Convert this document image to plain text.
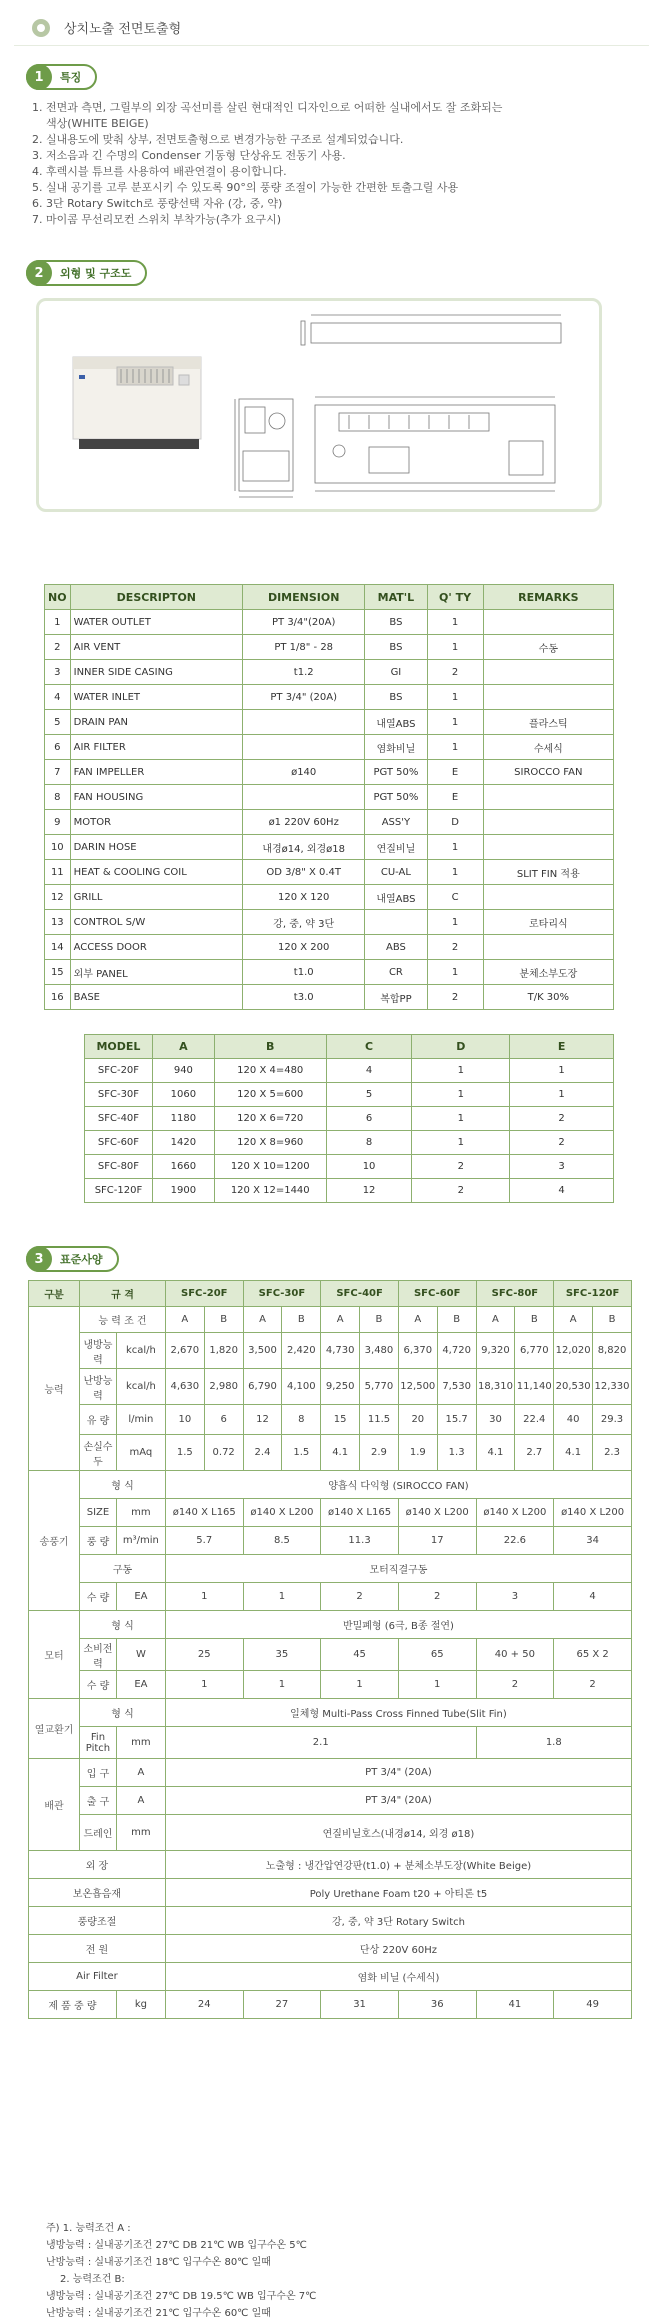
상치노출 전면토출형
1	특징
1. 전면과 측면, 그릴부의 외장 곡선미를 살린 현대적인 디자인으로 어떠한 실내에서도 잘 조화되는
색상(WHITE BEIGE)
2. 실내용도에 맞춰 상부, 전면토출형으로 변경가능한 구조로 설계되었습니다.
3. 저소음과 긴 수명의 Condenser 기동형 단상유도 전동기 사용.
4. 후렉시블 튜브를 사용하여 배관연결이 용이합니다.
5. 실내 공기를 고루 분포시키 수 있도록 90°의 풍량 조절이 가능한 간편한 토출그릴 사용
6. 3단 Rotary Switch로 풍량선택 자유 (강, 중, 약)
7. 마이콤 무선리모컨 스위치 부착가능(추가 요구시)
2	외형 및 구조도
NO	DESCRIPTON	DIMENSION	MAT'L	Q' TY	REMARKS
1	WATER OUTLET	PT 3/4"(20A)	BS	1	
2	AIR VENT	PT 1/8" - 28	BS	1	수동
3	INNER SIDE CASING	t1.2	GI	2	
4	WATER INLET	PT 3/4" (20A)	BS	1	
5	DRAIN PAN		내열ABS	1	플라스틱
6	AIR FILTER		염화비닐	1	수세식
7	FAN IMPELLER	ø140	PGT 50%	E	SIROCCO FAN
8	FAN HOUSING		PGT 50%	E	
9	MOTOR	ø1 220V 60Hz	ASS'Y	D	
10	DARIN HOSE	내경ø14, 외경ø18	연질비닐	1	
11	HEAT & COOLING COIL	OD 3/8" X 0.4T	CU-AL	1	SLIT FIN 적용
12	GRILL	120 X 120	내열ABS	C	
13	CONTROL S/W	강, 중, 약 3단		1	로타리식
14	ACCESS DOOR	120 X 200	ABS	2	
15	외부 PANEL	t1.0	CR	1	분체소부도장
16	BASE	t3.0	복합PP	2	T/K 30%
MODEL	A	B	C	D	E
SFC-20F	940	120 X 4=480	4	1	1
SFC-30F	1060	120 X 5=600	5	1	1
SFC-40F	1180	120 X 6=720	6	1	2
SFC-60F	1420	120 X 8=960	8	1	2
SFC-80F	1660	120 X 10=1200	10	2	3
SFC-120F	1900	120 X 12=1440	12	2	4
3	표준사양
구분	규 격		SFC-20F		SFC-30F		SFC-40F		SFC-60F		SFC-80F		SFC-120F	
능력	능 력 조 건		A	B	A	B	A	B	A	B	A	B	A	B
	냉방능력	kcal/h	2,670	1,820	3,500	2,420	4,730	3,480	6,370	4,720	9,320	6,770	12,020	8,820
	난방능력	kcal/h	4,630	2,980	6,790	4,100	9,250	5,770	12,500	7,530	18,310	11,140	20,530	12,330
	유 량	l/min	10	6	12	8	15	11.5	20	15.7	30	22.4	40	29.3
	손실수두	mAq	1.5	0.72	2.4	1.5	4.1	2.9	1.9	1.3	4.1	2.7	4.1	2.3
송풍기	형 식		양흡식 다익형 (SIROCCO FAN)											
	SIZE	mm	ø140 X L165		ø140 X L200		ø140 X L165		ø140 X L200		ø140 X L200		ø140 X L200	
	풍 량	m³/min	5.7		8.5		11.3		17		22.6		34	
	구동		모터직결구동											
	수 량	EA	1		1		2		2		3		4	
모터	형 식		반밀폐형 (6극, B종 절연)											
	소비전력	W	25		35		45		65		40 + 50		65 X 2	
	수 량	EA	1		1		1		1		2		2	
열교환기	형 식		일체형 Multi-Pass Cross Finned Tube(Slit Fin)											
	Fin Pitch	mm	2.1								1.8			
배관	입 구	A	PT 3/4" (20A)											
	출 구	A	PT 3/4" (20A)											
	드레인	mm	연질비닐호스(내경ø14, 외경 ø18)											
외 장			노출형 : 냉간압연강판(t1.0) + 분체소부도장(White Beige)											
보온흡음재			Poly Urethane Foam t20 + 아티론 t5											
풍량조절			강, 중, 약 3단 Rotary Switch											
전 원			단상 220V 60Hz											
Air Filter			염화 비닐 (수세식)											
제 품 중 량		kg	24		27		31		36		41		49	
주) 1. 능력조건 A :
냉방능력 : 실내공기조건 27℃ DB 21℃ WB 입구수온 5℃
난방능력 : 실내공기조건 18℃ 입구수온 80℃ 일때
2. 능력조건 B:
냉방능력 : 실내공기조건 27℃ DB 19.5℃ WB 입구수온 7℃
난방능력 : 실내공기조건 21℃ 입구수온 60℃ 일때
